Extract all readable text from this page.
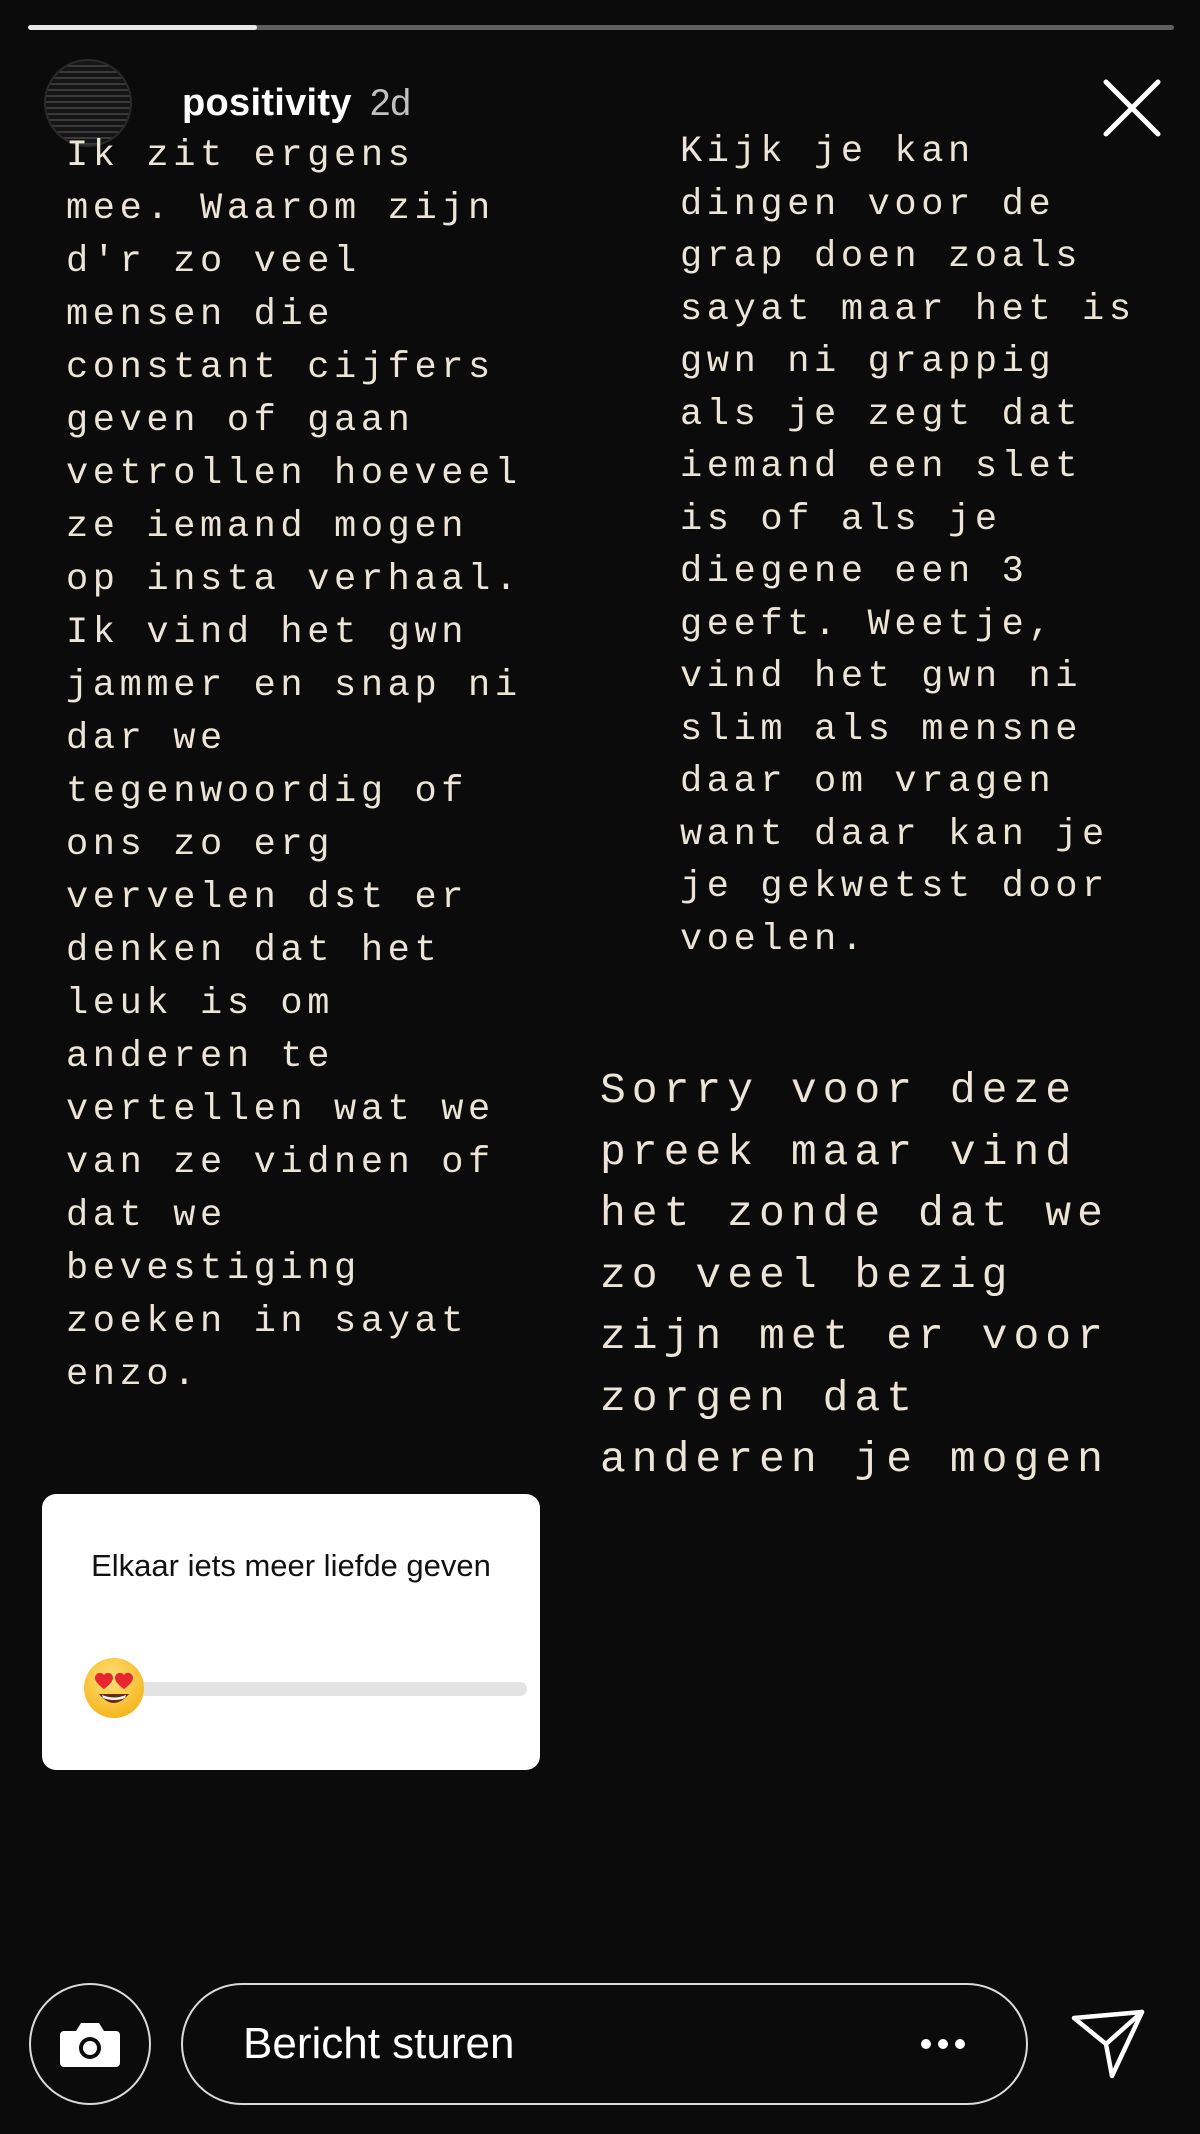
positivity 2d
Ik zit ergens
mee. Waarom zijn
d'r zo veel
mensen die
constant cijfers
geven of gaan
vetrollen hoeveel
ze iemand mogen
op insta verhaal.
Ik vind het gwn
jammer en snap ni
dar we
tegenwoordig of
ons zo erg
vervelen dst er
denken dat het
leuk is om
anderen te
vertellen wat we
van ze vidnen of
dat we
bevestiging
zoeken in sayat
enzo.
Kijk je kan
dingen voor de
grap doen zoals
sayat maar het is
gwn ni grappig
als je zegt dat
iemand een slet
is of als je
diegene een 3
geeft. Weetje,
vind het gwn ni
slim als mensne
daar om vragen
want daar kan je
je gekwetst door
voelen.
Sorry voor deze
preek maar vind
het zonde dat we
zo veel bezig
zijn met er voor
zorgen dat
anderen je mogen
Elkaar iets meer liefde geven
Bericht sturen
